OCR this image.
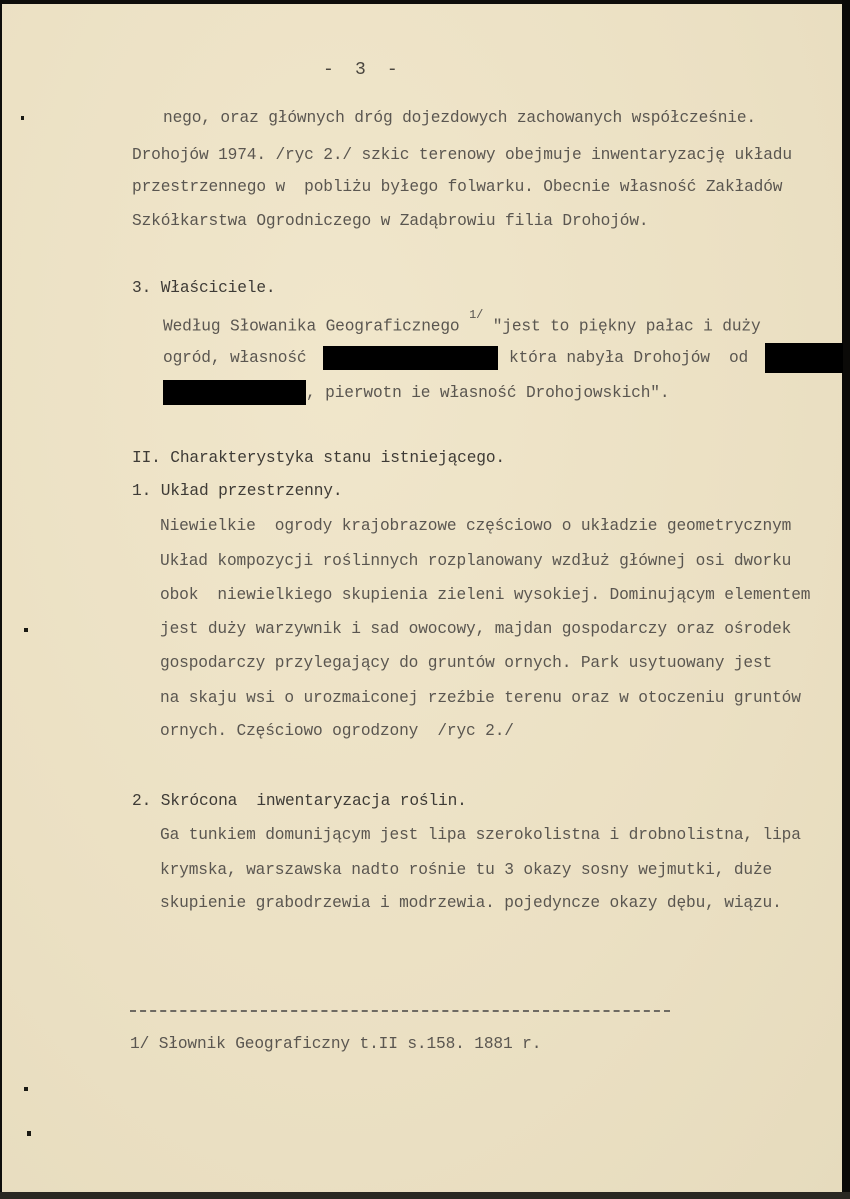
-  3  -
nego, oraz głównych dróg dojezdowych zachowanych współcześnie.
Drohojów 1974. /ryc 2./ szkic terenowy obejmuje inwentaryzację układu
przestrzennego w  pobliżu byłego folwarku. Obecnie własność Zakładów
Szkółkarstwa Ogrodniczego w Zadąbrowiu filia Drohojów.
3. Właściciele.
Według Słowanika Geograficznego $^{1/}$ "jest to piękny pałac i duży
ogród, własność	która nabyła Drohojów  od
, pierwotn ie własność Drohojowskich".
II. Charakterystyka stanu istniejącego.
1. Układ przestrzenny.
Niewielkie  ogrody krajobrazowe częściowo o układzie geometrycznym
Układ kompozycji roślinnych rozplanowany wzdłuż głównej osi dworku
obok  niewielkiego skupienia zieleni wysokiej. Dominującym elementem
jest duży warzywnik i sad owocowy, majdan gospodarczy oraz ośrodek
gospodarczy przylegający do gruntów ornych. Park usytuowany jest
na skaju wsi o urozmaiconej rzeźbie terenu oraz w otoczeniu gruntów
ornych. Częściowo ogrodzony  /ryc 2./
2. Skrócona  inwentaryzacja roślin.
Ga tunkiem domunijącym jest lipa szerokolistna i drobnolistna, lipa
krymska, warszawska nadto rośnie tu 3 okazy sosny wejmutki, duże
skupienie grabodrzewia i modrzewia. pojedyncze okazy dębu, wiązu.
1/ Słownik Geograficzny t.II s.158. 1881 r.
